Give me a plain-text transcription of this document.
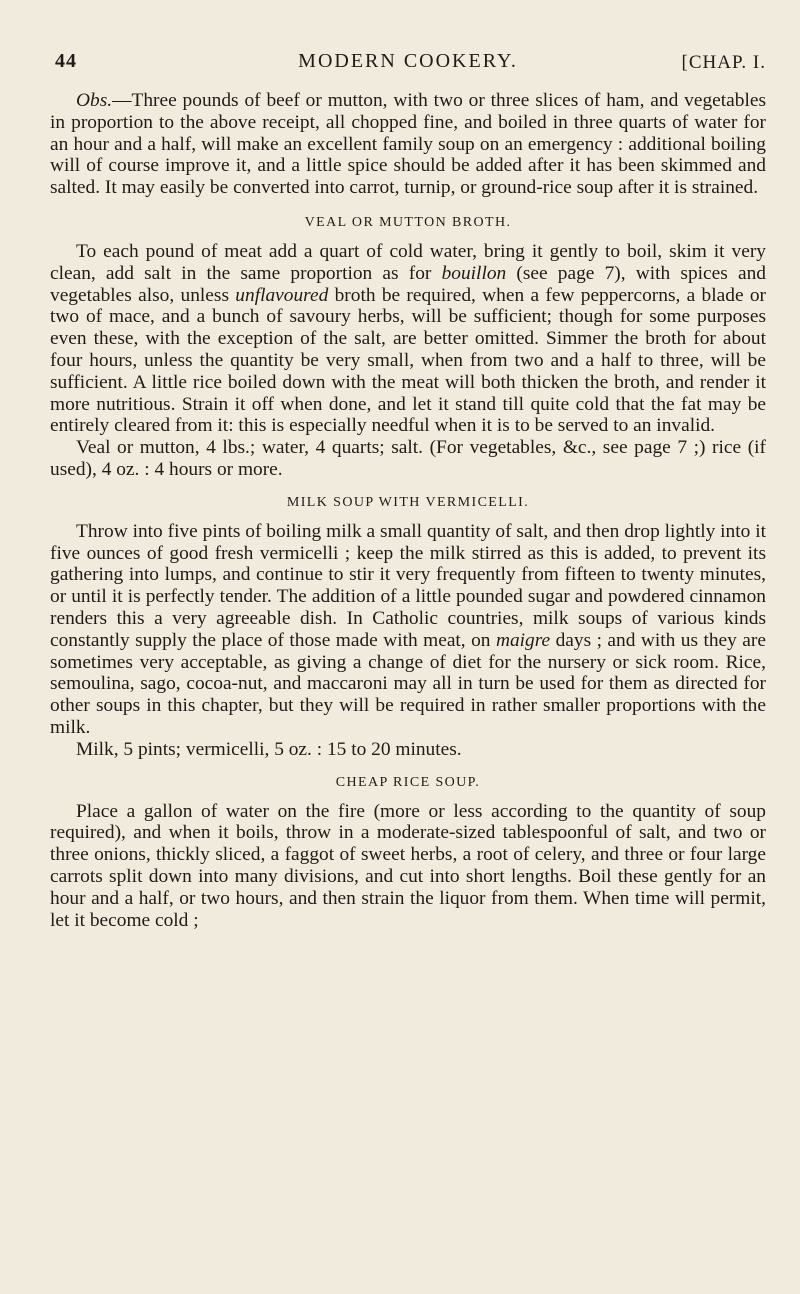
44	MODERN COOKERY.	[CHAP. I.

Obs.—Three pounds of beef or mutton, with two or three slices of ham, and vegetables in proportion to the above receipt, all chopped fine, and boiled in three quarts of water for an hour and a half, will make an excellent family soup on an emergency : additional boiling will of course improve it, and a little spice should be added after it has been skimmed and salted. It may easily be converted into carrot, turnip, or ground-rice soup after it is strained.

VEAL OR MUTTON BROTH.

To each pound of meat add a quart of cold water, bring it gently to boil, skim it very clean, add salt in the same proportion as for bouillon (see page 7), with spices and vegetables also, unless unflavoured broth be required, when a few peppercorns, a blade or two of mace, and a bunch of savoury herbs, will be sufficient; though for some purposes even these, with the exception of the salt, are better omitted. Simmer the broth for about four hours, unless the quantity be very small, when from two and a half to three, will be sufficient. A little rice boiled down with the meat will both thicken the broth, and render it more nutritious. Strain it off when done, and let it stand till quite cold that the fat may be entirely cleared from it: this is especially needful when it is to be served to an invalid.

Veal or mutton, 4 lbs.; water, 4 quarts; salt. (For vegetables, &c., see page 7 ;) rice (if used), 4 oz. : 4 hours or more.

MILK SOUP WITH VERMICELLI.

Throw into five pints of boiling milk a small quantity of salt, and then drop lightly into it five ounces of good fresh vermicelli ; keep the milk stirred as this is added, to prevent its gathering into lumps, and continue to stir it very frequently from fifteen to twenty minutes, or until it is perfectly tender. The addition of a little pounded sugar and powdered cinnamon renders this a very agreeable dish. In Catholic countries, milk soups of various kinds constantly supply the place of those made with meat, on maigre days ; and with us they are sometimes very acceptable, as giving a change of diet for the nursery or sick room. Rice, semoulina, sago, cocoa-nut, and maccaroni may all in turn be used for them as directed for other soups in this chapter, but they will be required in rather smaller proportions with the milk.

Milk, 5 pints; vermicelli, 5 oz. : 15 to 20 minutes.

CHEAP RICE SOUP.

Place a gallon of water on the fire (more or less according to the quantity of soup required), and when it boils, throw in a moderate-sized tablespoonful of salt, and two or three onions, thickly sliced, a faggot of sweet herbs, a root of celery, and three or four large carrots split down into many divisions, and cut into short lengths. Boil these gently for an hour and a half, or two hours, and then strain the liquor from them. When time will permit, let it become cold ;
